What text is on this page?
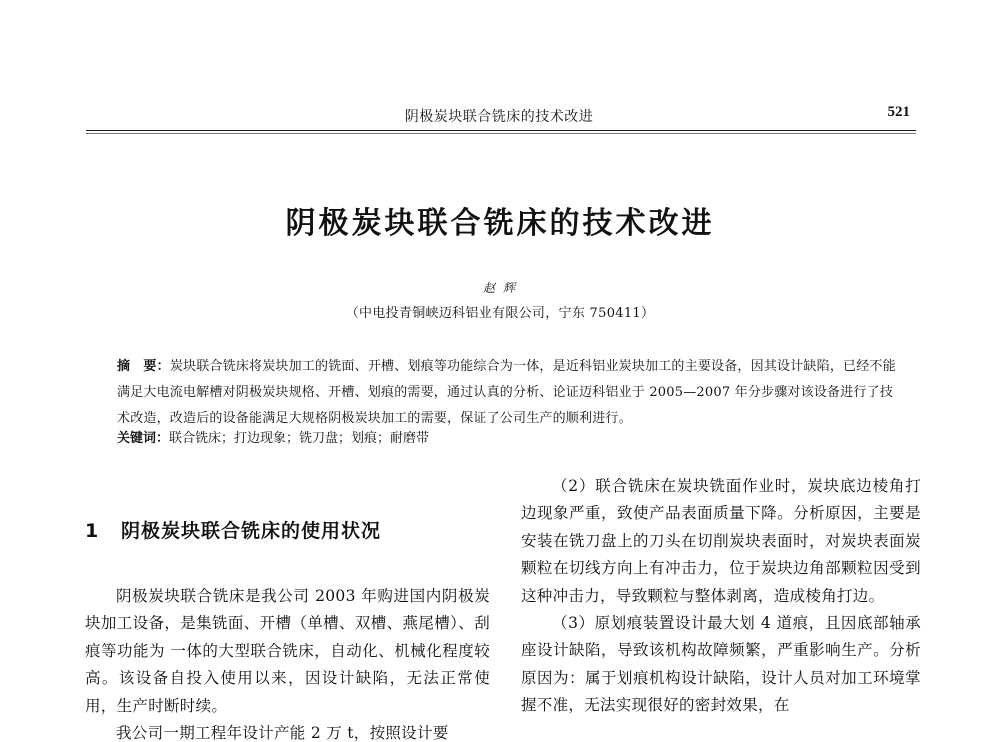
阴极炭块联合铣床的技术改进	521
阴极炭块联合铣床的技术改进
赵 辉
（中电投青铜峡迈科铝业有限公司，宁东 750411）
摘　要：炭块联合铣床将炭块加工的铣面、开槽、划痕等功能综合为一体，是近科铝业炭块加工的主要设备，因其设计缺陷，已经不能满足大电流电解槽对阴极炭块规格、开槽、划痕的需要，通过认真的分析、论证迈科铝业于 2005—2007 年分步骤对该设备进行了技术改造，改造后的设备能满足大规格阴极炭块加工的需要，保证了公司生产的顺利进行。
关键词：联合铣床；打边现象；铣刀盘；划痕；耐磨带
1 阴极炭块联合铣床的使用状况

阴极炭块联合铣床是我公司 2003 年购进国内阴极炭块加工设备，是集铣面、开槽（单槽、双槽、燕尾槽）、刮痕等功能为 一体的大型联合铣床，自动化、机械化程度较高。该设备自投入使用以来，因设计缺陷，无法正常使用，生产时断时续。

我公司一期工程年设计产能 2 万 t，按照设计要

（2）联合铣床在炭块铣面作业时，炭块底边棱角打边现象严重，致使产品表面质量下降。分析原因，主要是安装在铣刀盘上的刀头在切削炭块表面时，对炭块表面炭颗粒在切线方向上有冲击力，位于炭块边角部颗粒因受到这种冲击力，导致颗粒与整体剥离，造成棱角打边。

（3）原划痕装置设计最大划 4 道痕，且因底部轴承座设计缺陷，导致该机构故障频繁，严重影响生产。分析原因为：属于划痕机构设计缺陷，设计人员对加工环境掌握不准，无法实现很好的密封效果，在
